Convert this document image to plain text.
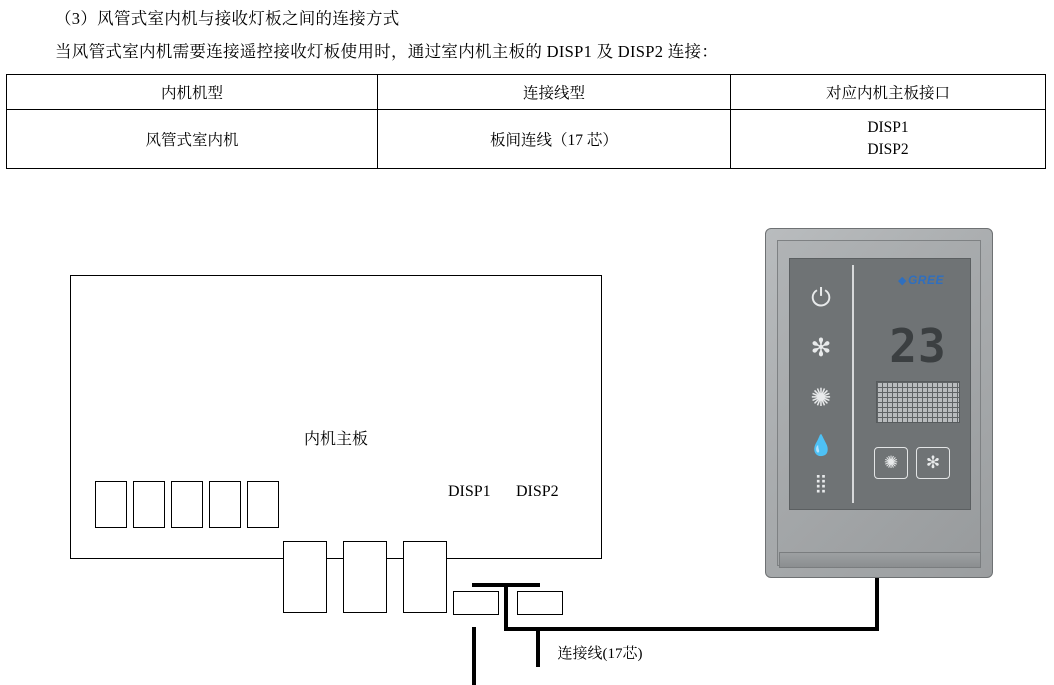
（3）风管式室内机与接收灯板之间的连接方式
当风管式室内机需要连接遥控接收灯板使用时，通过室内机主板的 DISP1 及 DISP2 连接：
内机机型	连接线型	对应内机主板接口
风管式室内机	板间连线（17 芯）	DISP1
DISP2
内机主板
DISP1 DISP2
连接线(17芯)
⏻
✻
✺
💧
⣿
◆GREE
23
✺	✻
